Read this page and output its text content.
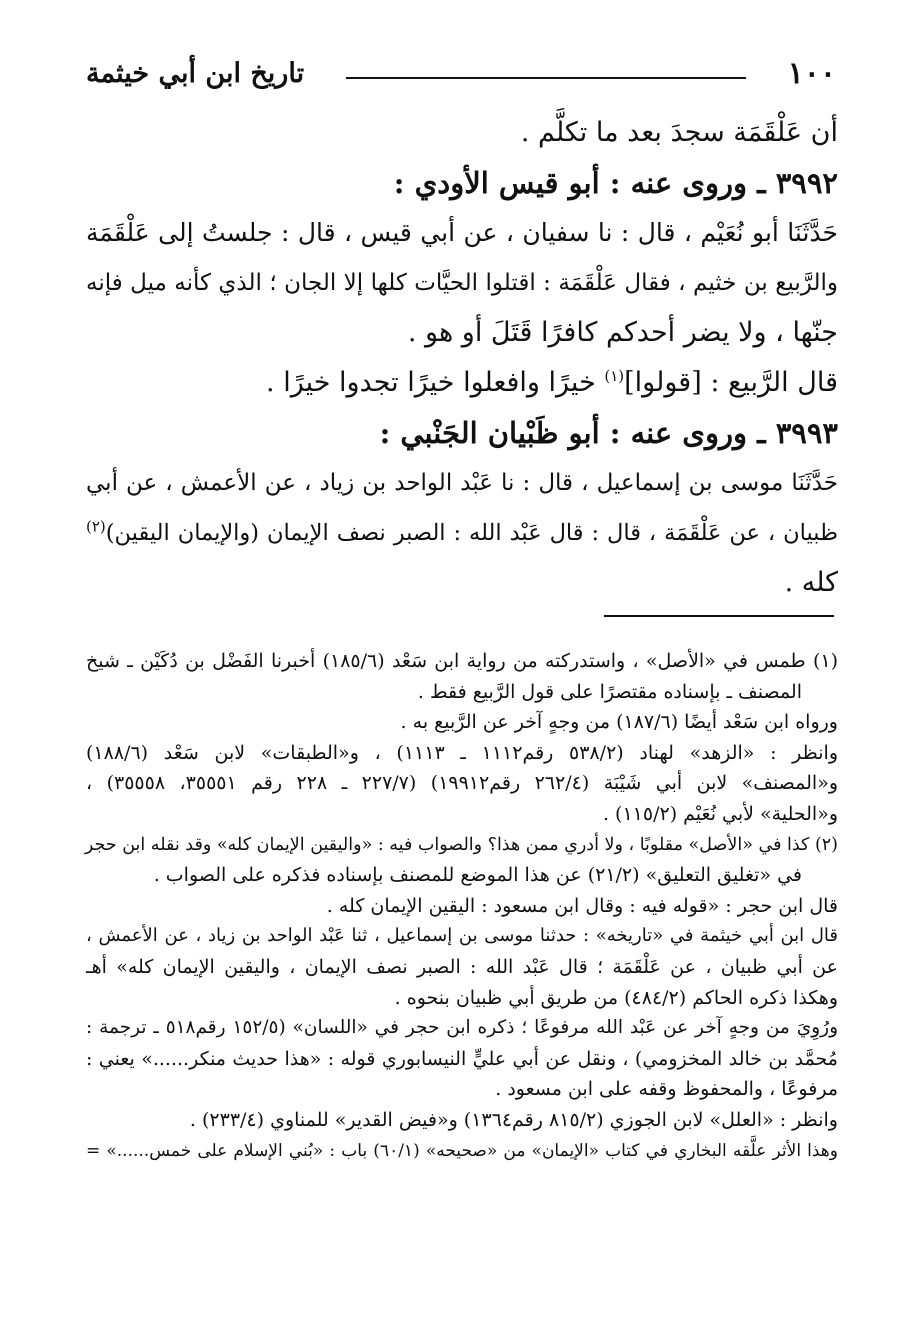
١٠٠
تاريخ ابن أبي خيثمة
أن عَلْقَمَة سجدَ بعد ما تكلَّم .
٣٩٩٢ ـ وروى عنه : أبو قيس الأودي :
حَدَّثَنَا أبو نُعَيْم ، قال : نا سفيان ، عن أبي قيس ، قال : جلستُ إلى عَلْقَمَة
والرَّبيع بن خثيم ، فقال عَلْقَمَة : اقتلوا الحيَّات كلها إلا الجان ؛ الذي كأنه ميل فإنه
جنّها ، ولا يضر أحدكم كافرًا قَتَلَ أو هو .
قال الرَّبيع : [قولوا]$^{(١)}$ خيرًا وافعلوا خيرًا تجدوا خيرًا .
٣٩٩٣ ـ وروى عنه : أبو ظَبْيان الجَنْبي :
حَدَّثَنَا موسى بن إسماعيل ، قال : نا عَبْد الواحد بن زياد ، عن الأعمش ، عن أبي
ظبيان ، عن عَلْقَمَة ، قال : قال عَبْد الله : الصبر نصف الإيمان (والإيمان اليقين)$^{(٢)}$
كله .
(١) طمس في «الأصل» ، واستدركته من رواية ابن سَعْد (١٨٥/٦) أخبرنا الفَضْل بن دُكَيْن ـ شيخ
المصنف ـ بإسناده مقتصرًا على قول الرَّبيع فقط .
ورواه ابن سَعْد أيضًا (١٨٧/٦) من وجهٍ آخر عن الرَّبيع به .
وانظر : «الزهد» لهناد (٥٣٨/٢ رقم١١١٢ ـ ١١١٣) ، و«الطبقات» لابن سَعْد (١٨٨/٦)
و«المصنف» لابن أبي شَيْبَة (٢٦٢/٤ رقم١٩٩١٢) (٢٢٧/٧ ـ ٢٢٨ رقم ٣٥٥٥١، ٣٥٥٥٨) ،
و«الحلية» لأبي نُعَيْم (١١٥/٢) .
(٢) كذا في «الأصل» مقلوبًا ، ولا أدري ممن هذا؟ والصواب فيه : «واليقين الإيمان كله» وقد نقله ابن حجر
في «تغليق التعليق» (٢١/٢) عن هذا الموضع للمصنف بإسناده فذكره على الصواب .
قال ابن حجر : «قوله فيه : وقال ابن مسعود : اليقين الإيمان كله .
قال ابن أبي خيثمة في «تاريخه» : حدثنا موسى بن إسماعيل ، ثنا عَبْد الواحد بن زياد ، عن الأعمش ،
عن أبي ظبيان ، عن عَلْقَمَة ؛ قال عَبْد الله : الصبر نصف الإيمان ، واليقين الإيمان كله» أهـ
وهكذا ذكره الحاكم (٤٨٤/٢) من طريق أبي ظبيان بنحوه .
ورُوِيَ من وجهٍ آخر عن عَبْد الله مرفوعًا ؛ ذكره ابن حجر في «اللسان» (١٥٢/٥ رقم٥١٨ ـ ترجمة :
مُحمَّد بن خالد المخزومي) ، ونقل عن أبي عليٍّ النيسابوري قوله : «هذا حديث منكر......» يعني :
مرفوعًا ، والمحفوظ وقفه على ابن مسعود .
وانظر : «العلل» لابن الجوزي (٨١٥/٢ رقم١٣٦٤) و«فيض القدير» للمناوي (٢٣٣/٤) .
وهذا الأثر علَّقه البخاري في كتاب «الإيمان» من «صحيحه» (٦٠/١) باب : «بُني الإسلام على خمس......» =
